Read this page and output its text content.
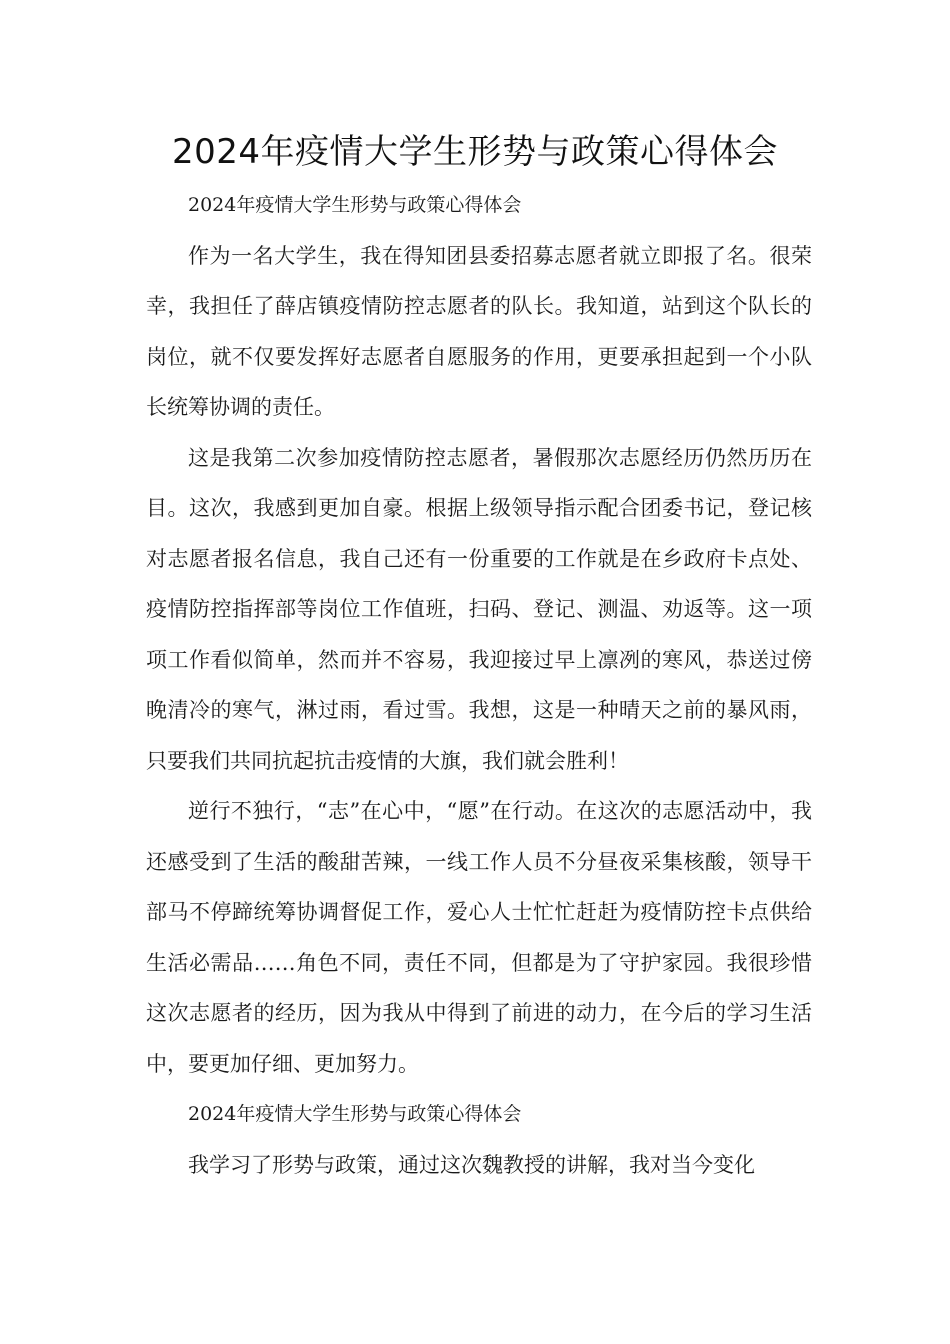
2024年疫情大学生形势与政策心得体会

2024年疫情大学生形势与政策心得体会

作为一名大学生，我在得知团县委招募志愿者就立即报了名。很荣幸，我担任了薛店镇疫情防控志愿者的队长。我知道，站到这个队长的岗位，就不仅要发挥好志愿者自愿服务的作用，更要承担起到一个小队长统筹协调的责任。

这是我第二次参加疫情防控志愿者，暑假那次志愿经历仍然历历在目。这次，我感到更加自豪。根据上级领导指示配合团委书记，登记核对志愿者报名信息，我自己还有一份重要的工作就是在乡政府卡点处、疫情防控指挥部等岗位工作值班，扫码、登记、测温、劝返等。这一项项工作看似简单，然而并不容易，我迎接过早上凛冽的寒风，恭送过傍晚清冷的寒气，淋过雨，看过雪。我想，这是一种晴天之前的暴风雨，只要我们共同抗起抗击疫情的大旗，我们就会胜利！

逆行不独行，“志”在心中，“愿”在行动。在这次的志愿活动中，我还感受到了生活的酸甜苦辣，一线工作人员不分昼夜采集核酸，领导干部马不停蹄统筹协调督促工作，爱心人士忙忙赶赶为疫情防控卡点供给生活必需品……角色不同，责任不同，但都是为了守护家园。我很珍惜这次志愿者的经历，因为我从中得到了前进的动力，在今后的学习生活中，要更加仔细、更加努力。

2024年疫情大学生形势与政策心得体会

我学习了形势与政策，通过这次魏教授的讲解，我对当今变化
